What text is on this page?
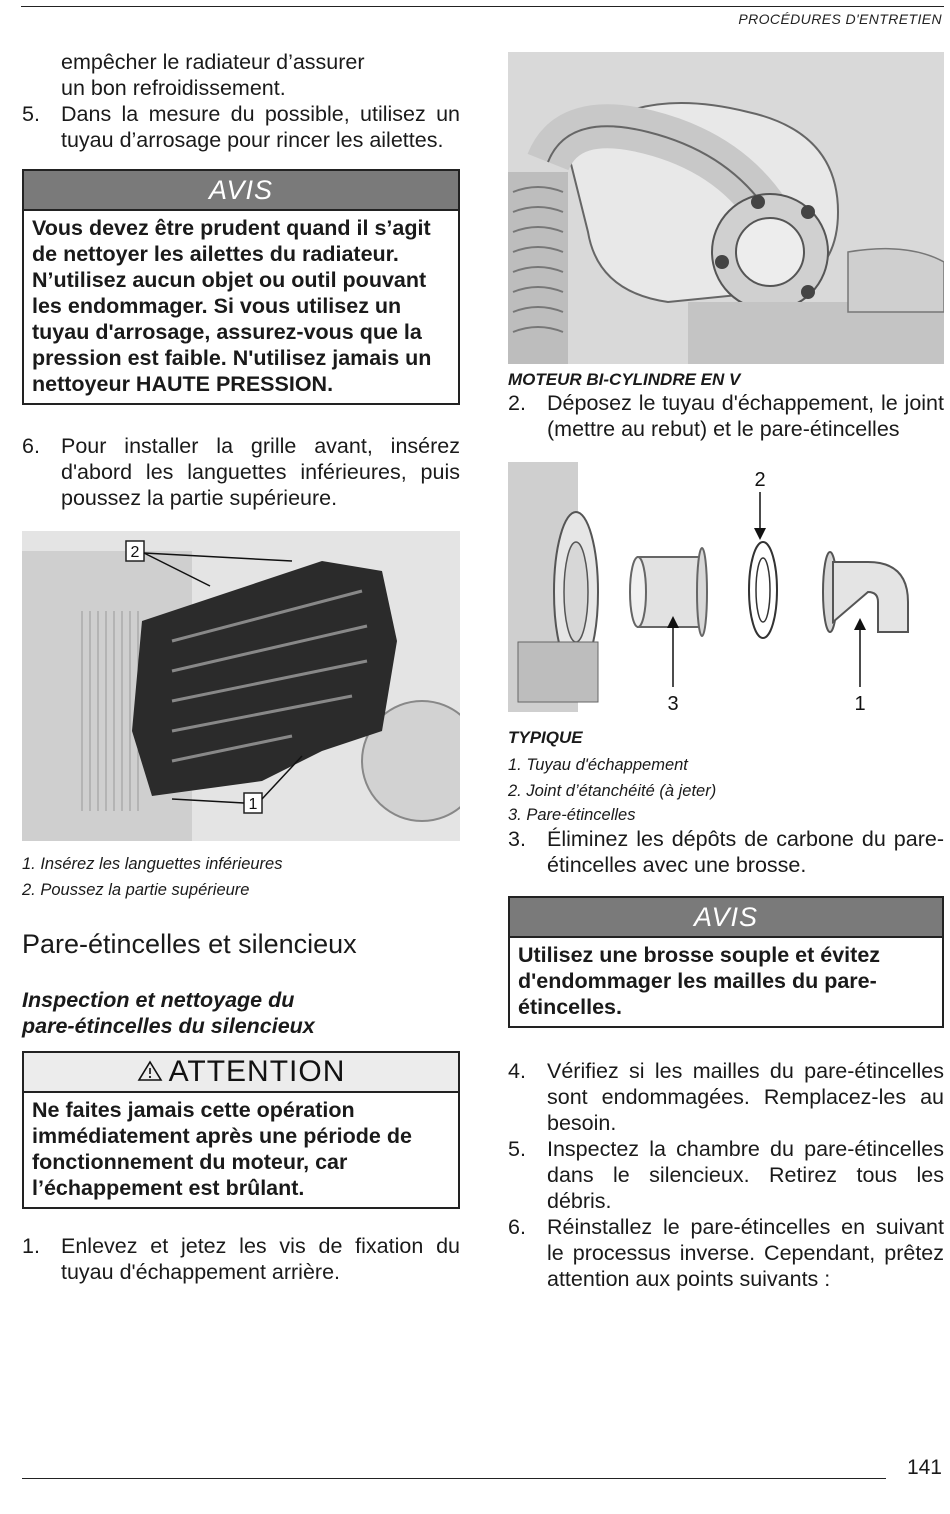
PROCÉDURES D'ENTRETIEN
empêcher le radiateur d’assurer
un bon refroidissement.
5. Dans la mesure du possible, utilisez un tuyau d’arrosage pour rincer les ailettes.
AVIS
Vous devez être prudent quand il s’agit de nettoyer les ailettes du radiateur. N’utilisez aucun objet ou outil pouvant les endommager. Si vous utilisez un tuyau d'arrosage, assurez-vous que la pression est faible. N'utilisez jamais un nettoyeur HAUTE PRESSION.
6. Pour installer la grille avant, insérez d'abord les languettes inférieures, puis poussez la partie supérieure.
2
1
1. Insérez les languettes inférieures
2. Poussez la partie supérieure
Pare-étincelles et silencieux
Inspection et nettoyage du
pare-étincelles du silencieux
ATTENTION
Ne faites jamais cette opération immédiatement après une période de fonctionnement du moteur, car l’échappement est brûlant.
1. Enlevez et jetez les vis de fixation du tuyau d'échappement arrière.
MOTEUR BI-CYLINDRE EN V
2. Déposez le tuyau d'échappement, le joint (mettre au rebut) et le pare-étincelles
2
3	1
TYPIQUE
1. Tuyau d'échappement
2. Joint d’étanchéité (à jeter)
3. Pare-étincelles
3. Éliminez les dépôts de carbone du pare-étincelles avec une brosse.
AVIS
Utilisez une brosse souple et évitez d'endommager les mailles du pare-étincelles.
4. Vérifiez si les mailles du pare-étincelles sont endommagées. Remplacez-les au besoin.
5. Inspectez la chambre du pare-étincelles dans le silencieux. Retirez tous les débris.
6. Réinstallez le pare-étincelles en suivant le processus inverse. Cependant, prêtez attention aux points suivants :
141
